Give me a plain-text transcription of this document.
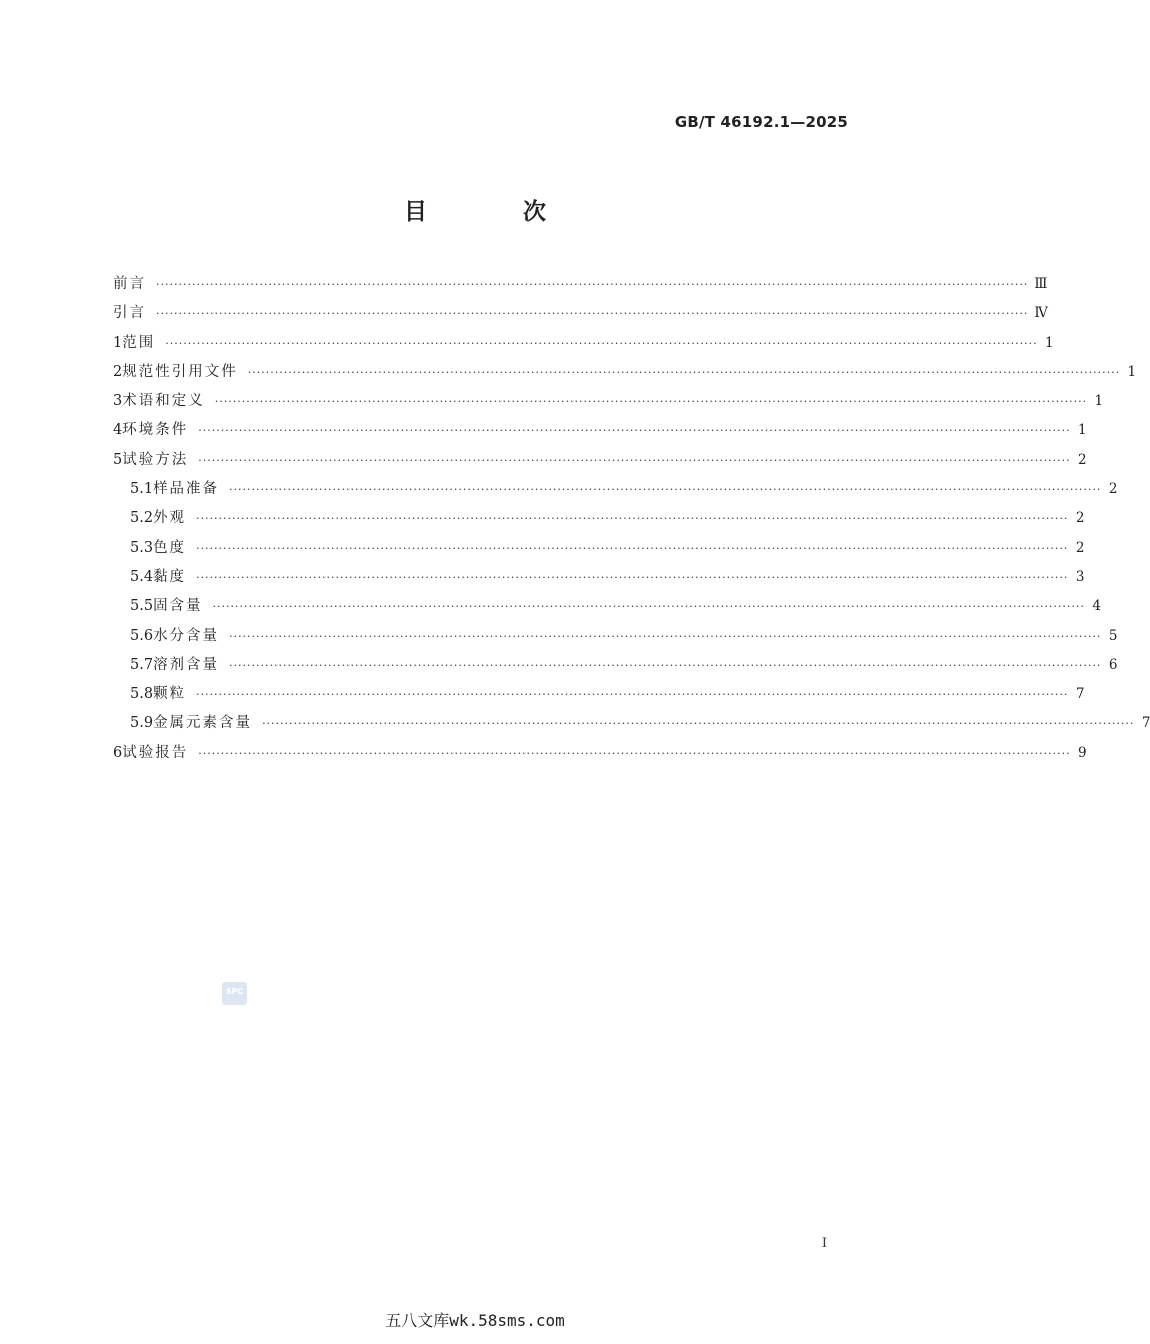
GB/T 46192.1—2025
目 次
前言 ·································································································································································································· Ⅲ
引言 ·································································································································································································· Ⅳ
1 范围 ·································································································································································································· 1
2 规范性引用文件 ·································································································································································································· 1
3 术语和定义 ·································································································································································································· 1
4 环境条件 ·································································································································································································· 1
5 试验方法 ·································································································································································································· 2
5.1 样品准备 ·································································································································································································· 2
5.2 外观 ·································································································································································································· 2
5.3 色度 ·································································································································································································· 2
5.4 黏度 ·································································································································································································· 3
5.5 固含量 ·································································································································································································· 4
5.6 水分含量 ·································································································································································································· 5
5.7 溶剂含量 ·································································································································································································· 6
5.8 颗粒 ·································································································································································································· 7
5.9 金属元素含量 ·································································································································································································· 7
6 试验报告 ·································································································································································································· 9
SPC
I
五八文库wk.58sms.com
